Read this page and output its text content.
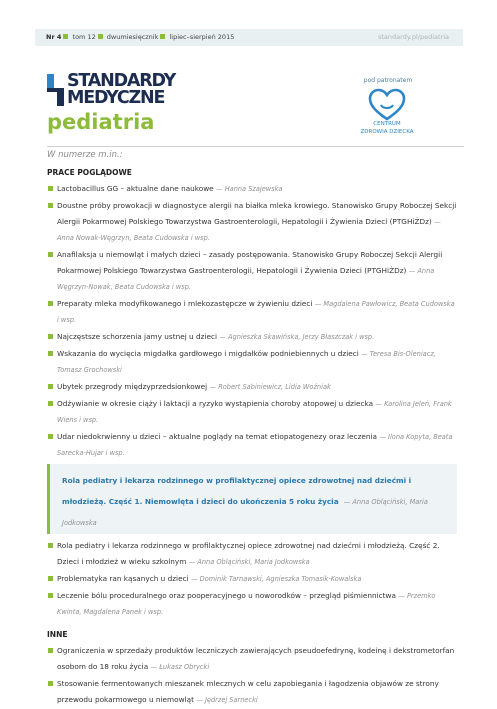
Nr 4 tom 12 dwumiesięcznik lipiec–sierpień 2015	standardy.pl/pediatria
STANDARDY
MEDYCZNE
pediatria
pod patronatem
CENTRUM
ZDROWIA DZIECKA
W numerze m.in.:
PRACE POGLĄDOWE
Lactobacillus GG – aktualne dane naukowe — Hanna Szajewska
Doustne próby prowokacji w diagnostyce alergii na białka mleka krowiego. Stanowisko Grupy Roboczej Sekcji Alergii Pokarmowej Polskiego Towarzystwa Gastroenterologii, Hepatologii i Żywienia Dzieci (PTGHiŻDz) — Anna Nowak-Węgrzyn, Beata Cudowska i wsp.
Anafilaksja u niemowląt i małych dzieci – zasady postępowania. Stanowisko Grupy Roboczej Sekcji Alergii Pokarmowej Polskiego Towarzystwa Gastroenterologii, Hepatologii i Żywienia Dzieci (PTGHiŻDz) — Anna Węgrzyn-Nowak, Beata Cudowska i wsp.
Preparaty mleka modyfikowanego i mlekozastępcze w żywieniu dzieci — Magdalena Pawłowicz, Beata Cudowska i wsp.
Najczęstsze schorzenia jamy ustnej u dzieci — Agnieszka Skawińska, Jerzy Błaszczak i wsp.
Wskazania do wycięcia migdałka gardłowego i migdałków podniebiennych u dzieci — Teresa Bis-Oleniacz, Tomasz Grochowski
Ubytek przegrody międzyprzedsionkowej — Robert Sabiniewicz, Lidia Woźniak
Odżywianie w okresie ciąży i laktacji a ryzyko wystąpienia choroby atopowej u dziecka — Karolina Jeleń, Frank Wiens i wsp.
Udar niedokrwienny u dzieci – aktualne poglądy na temat etiopatogenezy oraz leczenia — Ilona Kopyta, Beata Sarecka-Hujar i wsp.
Rola pediatry i lekarza rodzinnego w profilaktycznej opiece zdrowotnej nad dziećmi i młodzieżą. Część 1. Niemowlęta i dzieci do ukończenia 5 roku życia — Anna Obląciński, Maria Jodkowska
Rola pediatry i lekarza rodzinnego w profilaktycznej opiece zdrowotnej nad dziećmi i młodzieżą. Część 2. Dzieci i młodzież w wieku szkolnym — Anna Obląciński, Maria Jodkowska
Problematyka ran kąsanych u dzieci — Dominik Tarnawski, Agnieszka Tomasik-Kowalska
Leczenie bólu proceduralnego oraz pooperacyjnego u noworodków – przegląd piśmiennictwa — Przemko Kwinta, Magdalena Panek i wsp.
INNE
Ograniczenia w sprzedaży produktów leczniczych zawierających pseudoefedrynę, kodeinę i dekstrometorfan osobom do 18 roku życia — Łukasz Obrycki
Stosowanie fermentowanych mieszanek mlecznych w celu zapobiegania i łagodzenia objawów ze strony przewodu pokarmowego u niemowląt — Jędrzej Sarnecki
